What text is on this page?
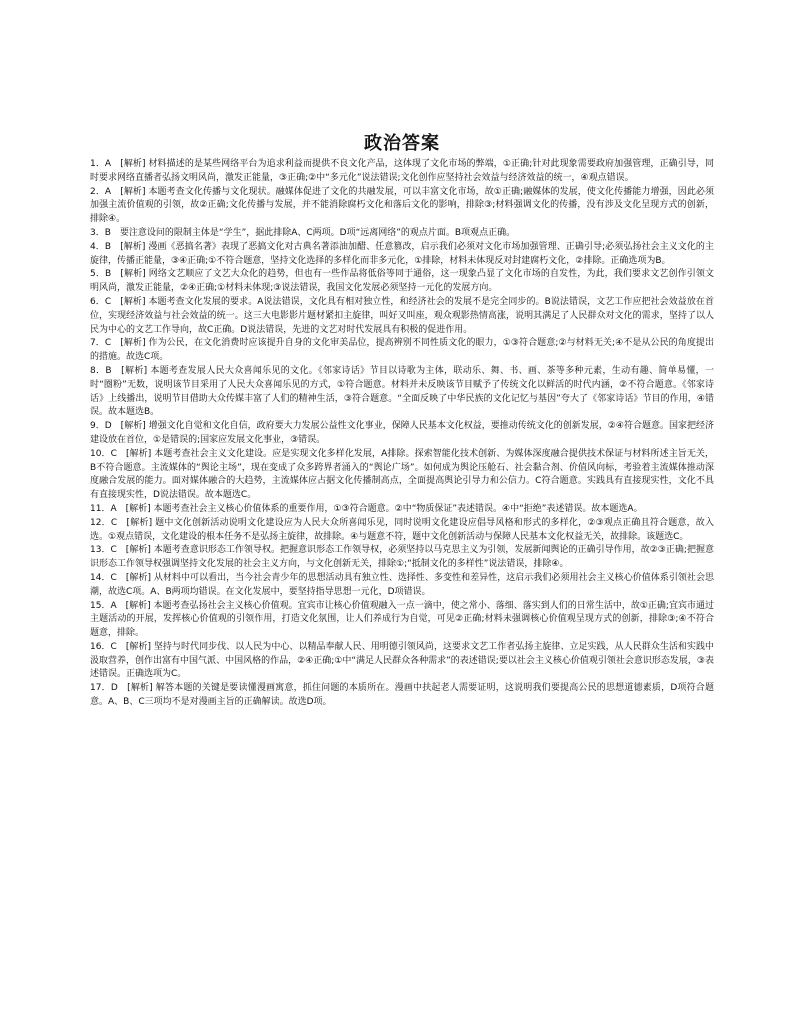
政治答案

1．A　[解析] 材料描述的是某些网络平台为追求利益而提供不良文化产品，这体现了文化市场的弊端，①正确;针对此现象需要政府加强管理，正确引导，同时要求网络直播者弘扬文明风尚，激发正能量，③正确;②中“多元化”说法错误;文化创作应坚持社会效益与经济效益的统一，④观点错误。

2．A　[解析] 本题考查文化传播与文化现状。融媒体促进了文化的共融发展，可以丰富文化市场，故①正确;融媒体的发展，使文化传播能力增强，因此必须加强主流价值观的引领，故②正确;文化传播与发展，并不能消除腐朽文化和落后文化的影响，排除③;材料强调文化的传播，没有涉及文化呈现方式的创新，排除④。

3．B　要注意设问的限制主体是“学生”，据此排除A、C两项。D项“远离网络”的观点片面。B项观点正确。

4．B　[解析] 漫画《恶搞名著》表现了恶搞文化对古典名著添油加醋、任意篡改，启示我们必须对文化市场加强管理、正确引导;必须弘扬社会主义文化的主旋律，传播正能量，③④正确;①不符合题意，坚持文化选择的多样化而非多元化，①排除，材料未体现反对封建腐朽文化，②排除。正确选项为B。

5．B　[解析] 网络文艺顺应了文艺大众化的趋势，但也有一些作品将低俗等同于通俗，这一现象凸显了文化市场的自发性，为此，我们要求文艺创作引领文明风尚，激发正能量，②④正确;①材料未体现;③说法错误，我国文化发展必须坚持一元化的发展方向。

6．C　[解析] 本题考查文化发展的要求。A说法错误，文化具有相对独立性，和经济社会的发展不是完全同步的。B说法错误，文艺工作应把社会效益放在首位，实现经济效益与社会效益的统一。这三大电影影片题材紧扣主旋律，叫好又叫座，观众观影热情高涨，说明其满足了人民群众对文化的需求，坚持了以人民为中心的文艺工作导向，故C正确。D说法错误，先进的文艺对时代发展具有积极的促进作用。

7．C　[解析] 作为公民，在文化消费时应该提升自身的文化审美品位，提高辨别不同性质文化的眼力，①③符合题意;②与材料无关;④不是从公民的角度提出的措施。故选C项。

8．B　[解析] 本题考查发展人民大众喜闻乐见的文化。《邻家诗话》节目以诗歌为主体，联动乐、舞、书、画、茶等多种元素，生动有趣、简单易懂，一时“圈粉”无数，说明该节目采用了人民大众喜闻乐见的方式，①符合题意。材料并未反映该节目赋予了传统文化以鲜活的时代内涵，②不符合题意。《邻家诗话》上线播出，说明节目借助大众传媒丰富了人们的精神生活，③符合题意。“全面反映了中华民族的文化记忆与基因”夸大了《邻家诗话》节目的作用，④错误。故本题选B。

9．D　[解析] 增强文化自觉和文化自信，政府要大力发展公益性文化事业，保障人民基本文化权益，要推动传统文化的创新发展，②④符合题意。国家把经济建设放在首位，①是错误的;国家应发展文化事业，③错误。

10．C　[解析] 本题考查社会主义文化建设。应是实现文化多样化发展，A排除。探索智能化技术创新、为媒体深度融合提供技术保证与材料所述主旨无关，B不符合题意。主流媒体的“舆论主场”，现在变成了众多跨界者涌入的“舆论广场”。如何成为舆论压舱石、社会黏合剂、价值风向标，考验着主流媒体推动深度融合发展的能力。面对媒体融合的大趋势，主流媒体应占据文化传播制高点，全面提高舆论引导力和公信力。C符合题意。实践具有直接现实性，文化不具有直接现实性，D说法错误。故本题选C。

11．A　[解析] 本题考查社会主义核心价值体系的重要作用，①③符合题意。②中“物质保证”表述错误。④中“拒绝”表述错误。故本题选A。

12．C　[解析] 题中文化创新活动说明文化建设应为人民大众所喜闻乐见，同时说明文化建设应倡导风格和形式的多样化，②③观点正确且符合题意，故入选。①观点错误，文化建设的根本任务不是弘扬主旋律，故排除。④与题意不符，题中文化创新活动与保障人民基本文化权益无关，故排除。该题选C。

13．C　[解析] 本题考查意识形态工作领导权。把握意识形态工作领导权，必须坚持以马克思主义为引领，发展新闻舆论的正确引导作用，故②③正确;把握意识形态工作领导权强调坚持文化发展的社会主义方向，与文化创新无关，排除①;“抵制文化的多样性”说法错误，排除④。

14．C　[解析] 从材料中可以看出，当今社会青少年的思想活动具有独立性、选择性、多变性和差异性，这启示我们必须用社会主义核心价值体系引领社会思潮，故选C项。A、B两项均错误。在文化发展中，要坚持指导思想一元化，D项错误。

15．A　[解析] 本题考查弘扬社会主义核心价值观。宜宾市让核心价值观融入一点一滴中，使之常小、落细、落实到人们的日常生活中，故①正确;宜宾市通过主题活动的开展，发挥核心价值观的引领作用，打造文化氛围，让人们养成行为自觉，可见②正确;材料未强调核心价值观呈现方式的创新，排除③;④不符合题意，排除。

16．C　[解析] 坚持与时代同步伐、以人民为中心、以精品奉献人民、用明德引领风尚，这要求文艺工作者弘扬主旋律、立足实践，从人民群众生活和实践中汲取营养，创作出富有中国气派、中国风格的作品，②④正确;①中“满足人民群众各种需求”的表述错误;要以社会主义核心价值观引领社会意识形态发展，③表述错误。正确选项为C。

17．D　[解析] 解答本题的关键是要读懂漫画寓意，抓住问题的本质所在。漫画中扶起老人需要证明，这说明我们要提高公民的思想道德素质，D项符合题意。A、B、C三项均不是对漫画主旨的正确解读。故选D项。
